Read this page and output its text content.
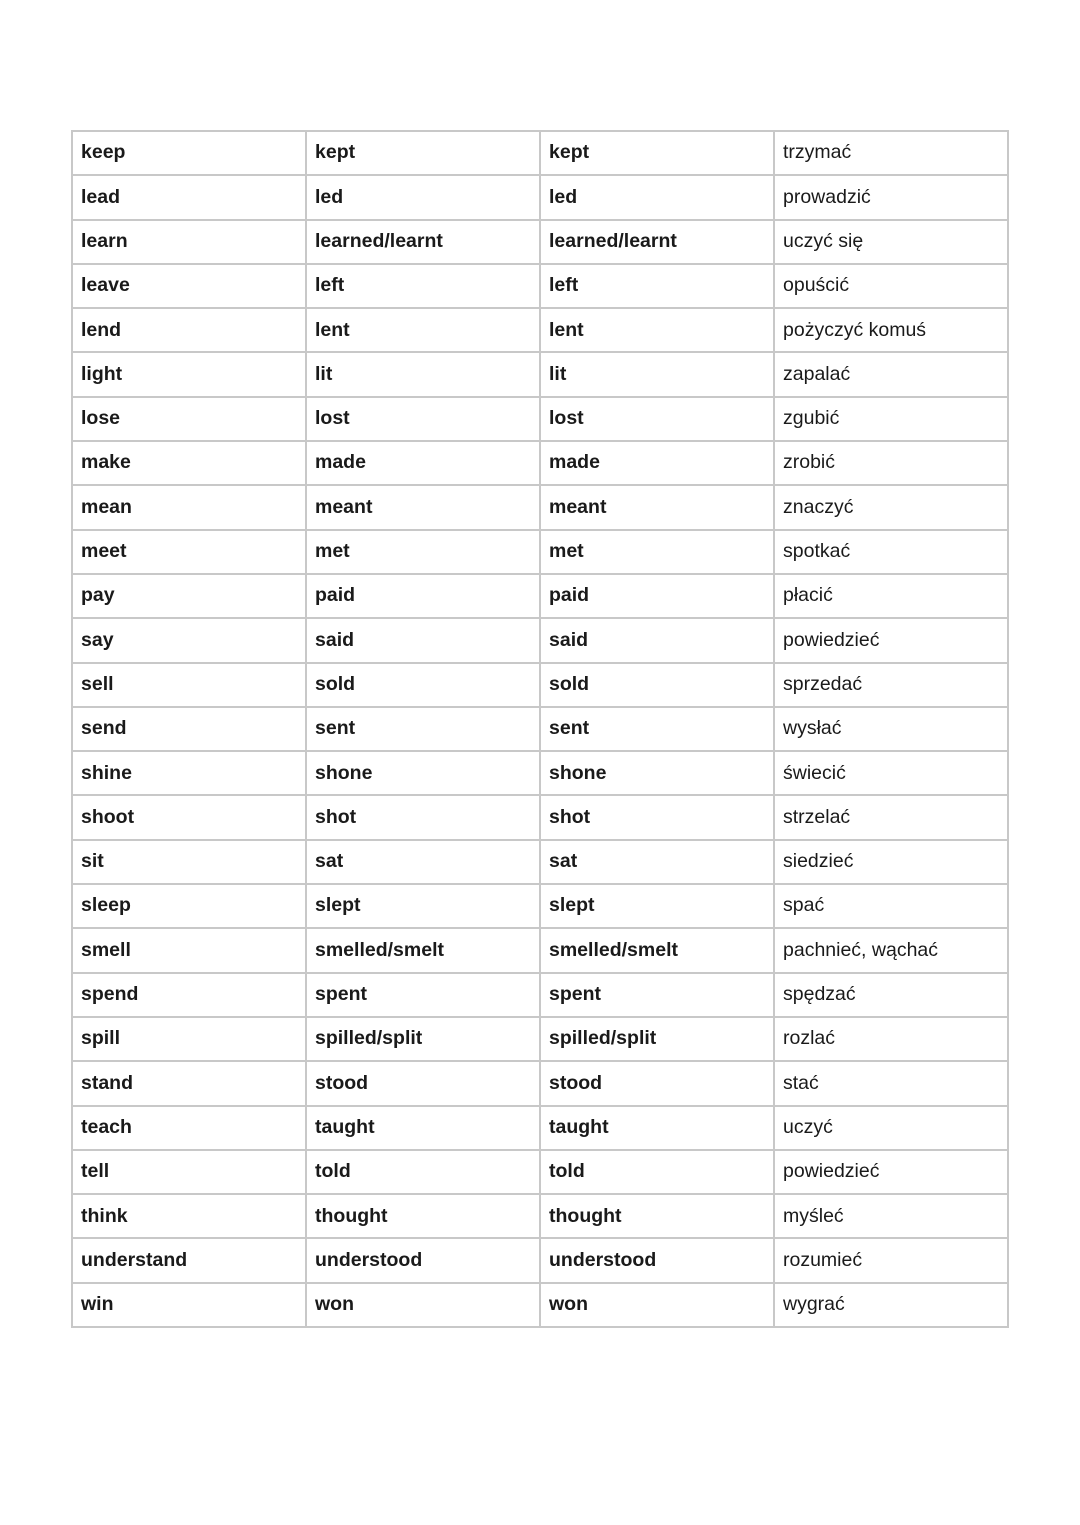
keep	kept	kept	trzymać
lead	led	led	prowadzić
learn	learned/learnt	learned/learnt	uczyć się
leave	left	left	opuścić
lend	lent	lent	pożyczyć komuś
light	lit	lit	zapalać
lose	lost	lost	zgubić
make	made	made	zrobić
mean	meant	meant	znaczyć
meet	met	met	spotkać
pay	paid	paid	płacić
say	said	said	powiedzieć
sell	sold	sold	sprzedać
send	sent	sent	wysłać
shine	shone	shone	świecić
shoot	shot	shot	strzelać
sit	sat	sat	siedzieć
sleep	slept	slept	spać
smell	smelled/smelt	smelled/smelt	pachnieć, wąchać
spend	spent	spent	spędzać
spill	spilled/split	spilled/split	rozlać
stand	stood	stood	stać
teach	taught	taught	uczyć
tell	told	told	powiedzieć
think	thought	thought	myśleć
understand	understood	understood	rozumieć
win	won	won	wygrać
